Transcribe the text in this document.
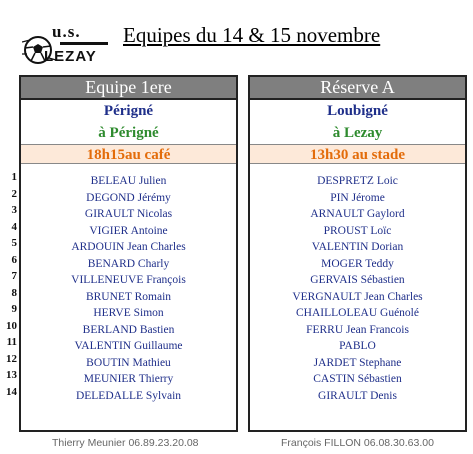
u.s.
LEZAY
Equipes du 14 & 15 novembre
1
2
3
4
5
6
7
8
9
10
11
12
13
14
Equipe 1ere
Périgné
à Périgné
18h15au café
BELEAU Julien
DEGOND Jérémy
GIRAULT Nicolas
VIGIER Antoine
ARDOUIN Jean Charles
BENARD Charly
VILLENEUVE François
BRUNET Romain
HERVE Simon
BERLAND Bastien
VALENTIN Guillaume
BOUTIN Mathieu
MEUNIER Thierry
DELEDALLE Sylvain
Réserve A
Loubigné
à Lezay
13h30 au stade
DESPRETZ Loic
PIN Jérome
ARNAULT Gaylord
PROUST Loïc
VALENTIN Dorian
MOGER Teddy
GERVAIS Sébastien
VERGNAULT Jean Charles
CHAILLOLEAU Guénolé
FERRU Jean Francois
PABLO
JARDET Stephane
CASTIN Sébastien
GIRAULT Denis
Thierry Meunier 06.89.23.20.08	François FILLON 06.08.30.63.00
